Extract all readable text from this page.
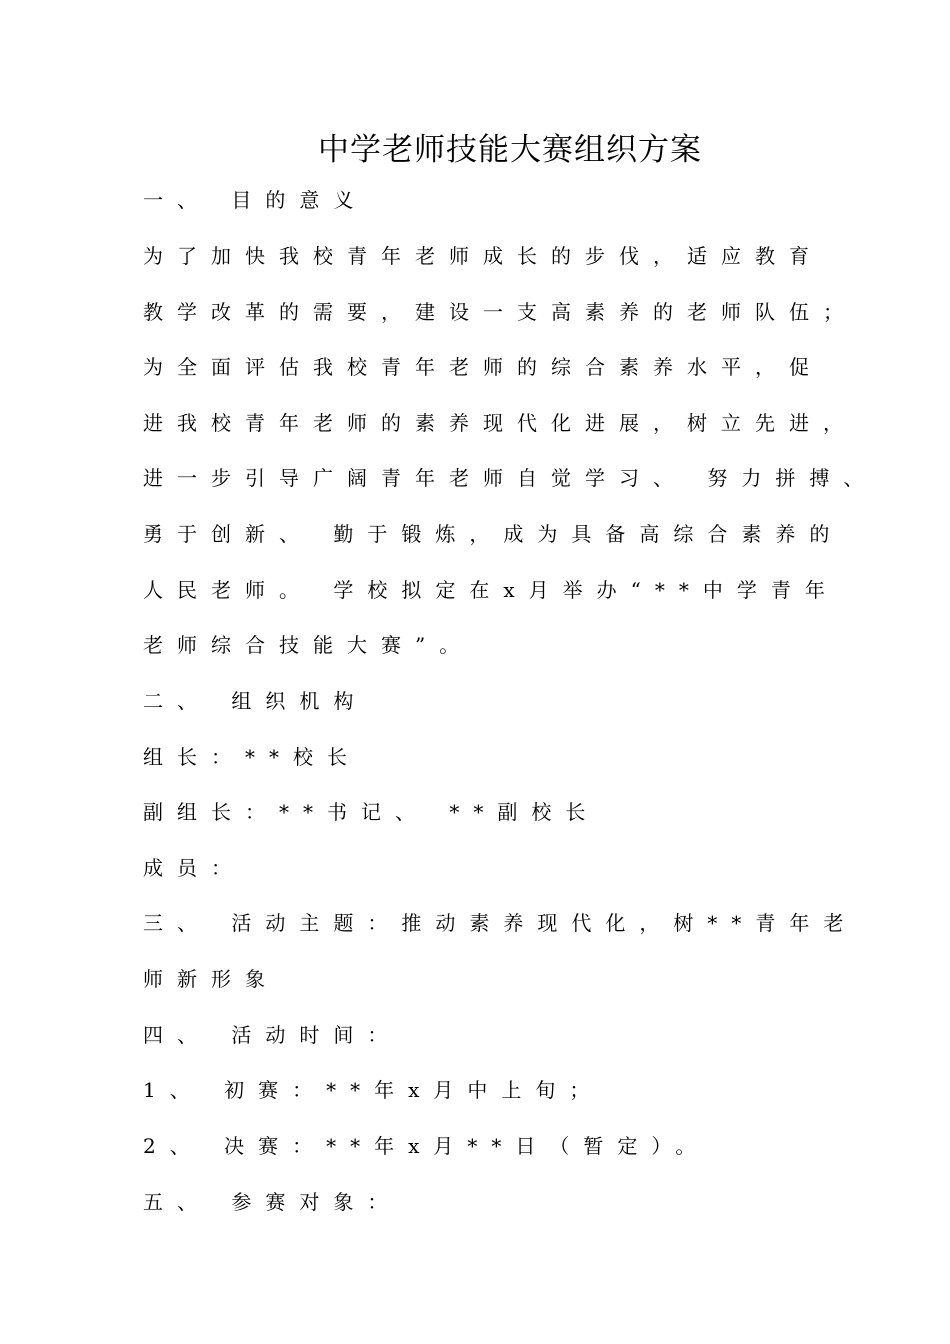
中学老师技能大赛组织方案

一、 目的意义

为了加快我校青年老师成长的步伐，适应教育

教学改革的需要，建设一支高素养的老师队伍；

为全面评估我校青年老师的综合素养水平，促

进我校青年老师的素养现代化进展，树立先进，

进一步引导广阔青年老师自觉学习、 努力拼搏、

勇于创新、 勤于锻炼，成为具备高综合素养的

人民老师。 学校拟定在x月举办“**中学青年

老师综合技能大赛”。

二、 组织机构

组长：**校长

副组长：**书记、 **副校长

成员：

三、 活动主题：推动素养现代化，树**青年老

师新形象

四、 活动时间：

1、 初赛：**年x月中上旬；

2、 决赛：**年x月**日（暂定）。

五、 参赛对象：
